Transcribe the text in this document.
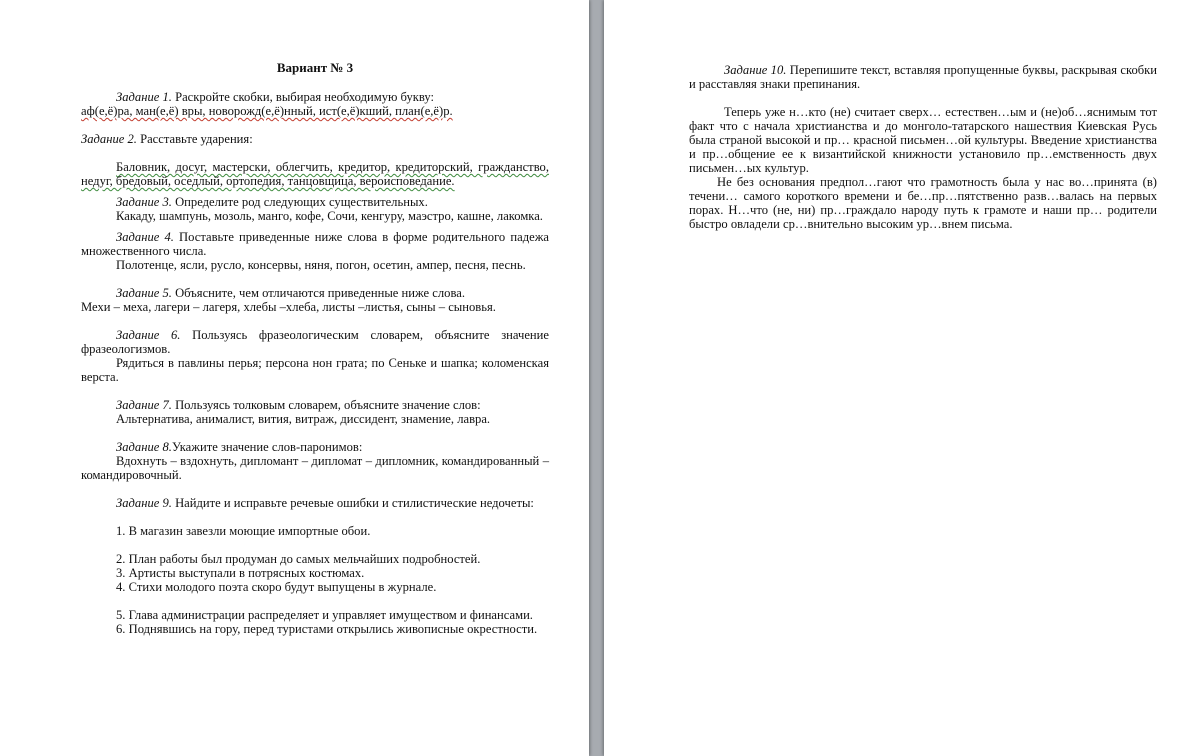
Вариант № 3

Задание 1. Раскройте скобки, выбирая необходимую букву:

аф(е,ё)ра, ман(е,ё) вры, новорожд(е,ё)нный, ист(е,ё)кший, план(е,ё)р.

Задание 2. Расставьте ударения:

Баловник, досуг, мастерски, облегчить, кредитор, кредиторский, гражданство, недуг, бредовый, оседлый, ортопедия, танцовщица, вероисповедание.

Задание 3. Определите род следующих существительных.

Какаду, шампунь, мозоль, манго, кофе, Сочи, кенгуру, маэстро, кашне, лакомка.

Задание 4. Поставьте приведенные ниже слова в форме родительного падежа множественного числа.

Полотенце, ясли, русло, консервы, няня, погон, осетин, ампер, песня, песнь.

Задание 5. Объясните, чем отличаются приведенные ниже слова.

Мехи – меха, лагери – лагеря, хлебы –хлеба, листы –листья, сыны – сыновья.

Задание 6. Пользуясь фразеологическим словарем, объясните значение фразеологизмов.

Рядиться в павлины перья; персона нон грата; по Сеньке и шапка; коломенская верста.

Задание 7. Пользуясь толковым словарем, объясните значение слов:

Альтернатива, анималист, вития, витраж, диссидент, знамение, лавра.

Задание 8.Укажите значение слов-паронимов:

Вдохнуть – вздохнуть, дипломант – дипломат – дипломник, командированный – командировочный.

Задание 9. Найдите и исправьте речевые ошибки и стилистические недочеты:

1. В магазин завезли моющие импортные обои.

2. План работы был продуман до самых мельчайших подробностей.

3. Артисты выступали в потрясных костюмах.

4. Стихи молодого поэта скоро будут выпущены в журнале.

5. Глава администрации распределяет и управляет имуществом и финансами.

6. Поднявшись на гору, перед туристами открылись живописные окрестности.

Задание 10. Перепишите текст, вставляя пропущенные буквы, раскрывая скобки и расставляя знаки препинания.

Теперь уже н…кто (не) считает сверх… естествен…ым и (не)об…яснимым тот факт что с начала христианства и до монголо-татарского нашествия Киевская Русь была страной высокой и пр… красной письмен…ой культуры. Введение христианства и пр…общение ее к византийской книжности установило пр…емственность двух письмен…ых культур.

Не без основания предпол…гают что грамотность была у нас во…принята (в) течени… самого короткого времени и бе…пр…пятственно разв…валась на первых порах. Н…что (не, ни) пр…граждало народу путь к грамоте и наши пр… родители быстро овладели ср…внительно высоким ур…внем письма.
